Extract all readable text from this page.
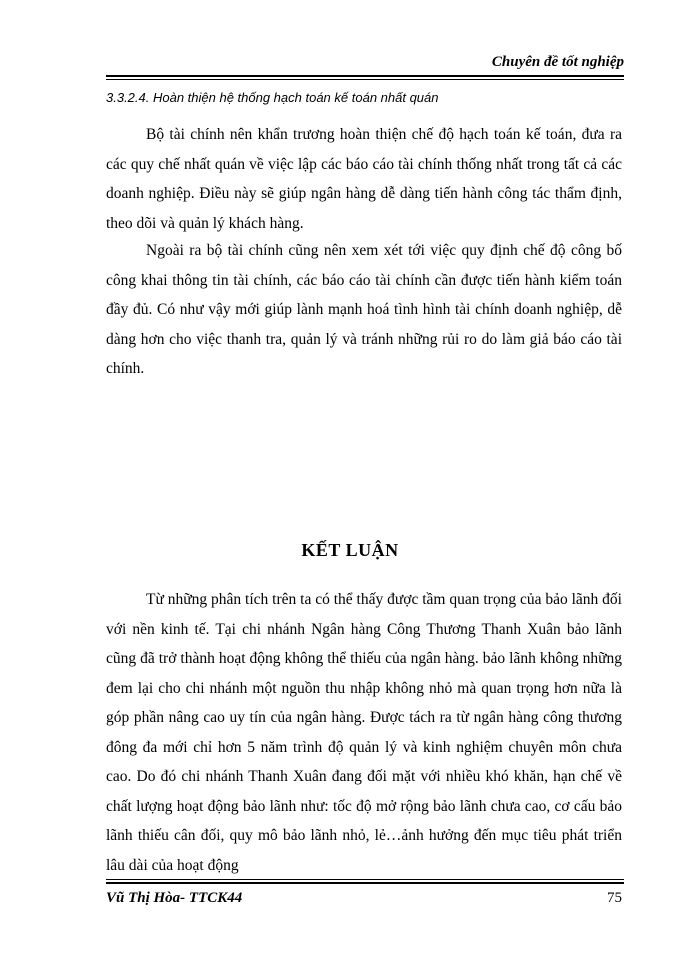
Chuyên đề tốt nghiệp
3.3.2.4. Hoàn thiện hệ thống hạch toán kế toán nhất quán

Bộ tài chính nên khẩn trương hoàn thiện chế độ hạch toán kế toán, đưa ra các quy chế nhất quán về việc lập các báo cáo tài chính thống nhất trong tất cả các doanh nghiệp. Điều này sẽ giúp ngân hàng dễ dàng tiến hành công tác thẩm định, theo dõi và quản lý khách hàng.

Ngoài ra bộ tài chính cũng nên xem xét tới việc quy định chế độ công bố công khai thông tin tài chính, các báo cáo tài chính cần được tiến hành kiểm toán đầy đủ. Có như vậy mới giúp lành mạnh hoá tình hình tài chính doanh nghiệp, dễ dàng hơn cho việc thanh tra, quản lý và tránh những rủi ro do làm giả báo cáo tài chính.

KẾT LUẬN

Từ những phân tích trên ta có thể thấy được tầm quan trọng của bảo lãnh đối với nền kinh tế. Tại chi nhánh Ngân hàng Công Thương Thanh Xuân bảo lãnh cũng đã trở thành hoạt động không thể thiếu của ngân hàng. bảo lãnh không những đem lại cho chi nhánh một nguồn thu nhập không nhỏ mà quan trọng hơn nữa là góp phần nâng cao uy tín của ngân hàng. Được tách ra từ ngân hàng công thương đông đa mới chỉ hơn 5 năm trình độ quản lý và kinh nghiệm chuyên môn chưa cao. Do đó chi nhánh Thanh Xuân đang đối mặt với nhiều khó khăn, hạn chế về chất lượng hoạt động bảo lãnh như: tốc độ mở rộng bảo lãnh chưa cao, cơ cấu bảo lãnh thiếu cân đối, quy mô bảo lãnh nhỏ, lẻ…ảnh hưởng đến mục tiêu phát triển lâu dài của hoạt động

Vũ Thị Hòa- TTCK44	75
